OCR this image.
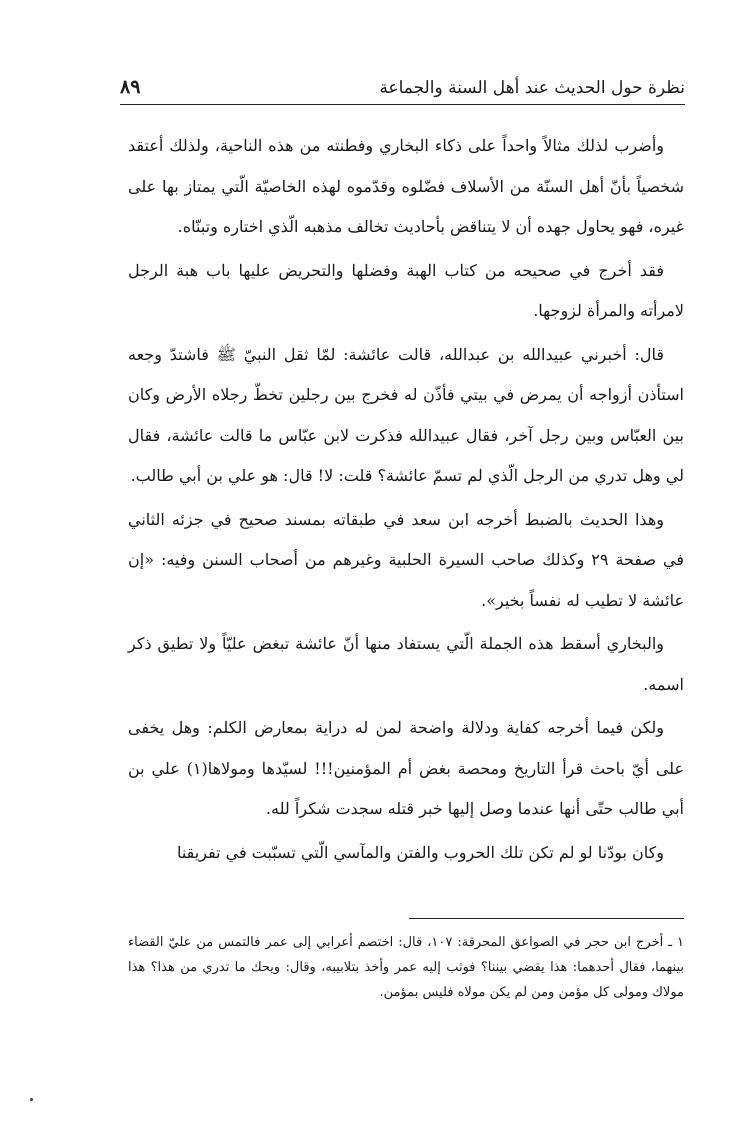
نظرة حول الحديث عند أهل السنة والجماعة
٨٩

وأضرب لذلك مثالاً واحداً على ذكاء البخاري وفطنته من هذه الناحية، ولذلك أعتقد شخصياً بأنّ أهل السنّة من الأسلاف فضّلوه وقدّموه لهذه الخاصيّة الّتي يمتاز بها على غيره، فهو يحاول جهده أن لا يتناقض بأحاديث تخالف مذهبه الّذي اختاره وتبنّاه.

فقد أخرج في صحيحه من كتاب الهبة وفضلها والتحريض عليها باب هبة الرجل لامرأته والمرأة لزوجها.

قال: أخبرني عبيدالله بن عبدالله، قالت عائشة: لمّا ثقل النبيّ ﷺ فاشتدّ وجعه استأذن أزواجه أن يمرض في بيتي فأذّن له فخرج بين رجلين تخطّ رجلاه الأرض وكان بين العبّاس وبين رجل آخر، فقال عبيدالله فذكرت لابن عبّاس ما قالت عائشة، فقال لي وهل تدري من الرجل الّذي لم تسمّ عائشة؟ قلت: لا! قال: هو علي بن أبي طالب.

وهذا الحديث بالضبط أخرجه ابن سعد في طبقاته بمسند صحيح في جزئه الثاني في صفحة ٢٩ وكذلك صاحب السيرة الحلبية وغيرهم من أصحاب السنن وفيه: «إن عائشة لا تطيب له نفساً بخير».

والبخاري أسقط هذه الجملة الّتي يستفاد منها أنّ عائشة تبغض عليّاً ولا تطيق ذكر اسمه.

ولكن فيما أخرجه كفاية ودلالة واضحة لمن له دراية بمعارض الكلم: وهل يخفى على أيّ باحث قرأ التاريخ ومحصة بغض أم المؤمنين!!! لسيّدها ومولاها(١) علي بن أبي طالب حتّى أنها عندما وصل إليها خبر قتله سجدت شكراً لله.

وكان بودّنا لو لم تكن تلك الحروب والفتن والمآسي الّتي تسبّبت في تفريقنا

١ ـ أخرج ابن حجر في الصواعق المحرقة: ١٠٧، قال: اختصم أعرابي إلى عمر فالتمس من عليّ القضاء بينهما، فقال أحدهما: هذا يقضي بيننا؟ فوثب إليه عمر وأخذ بتلابيبه، وقال: ويحك ما تدري من هذا؟ هذا مولاك ومولى كل مؤمن ومن لم يكن مولاه فليس بمؤمن.
